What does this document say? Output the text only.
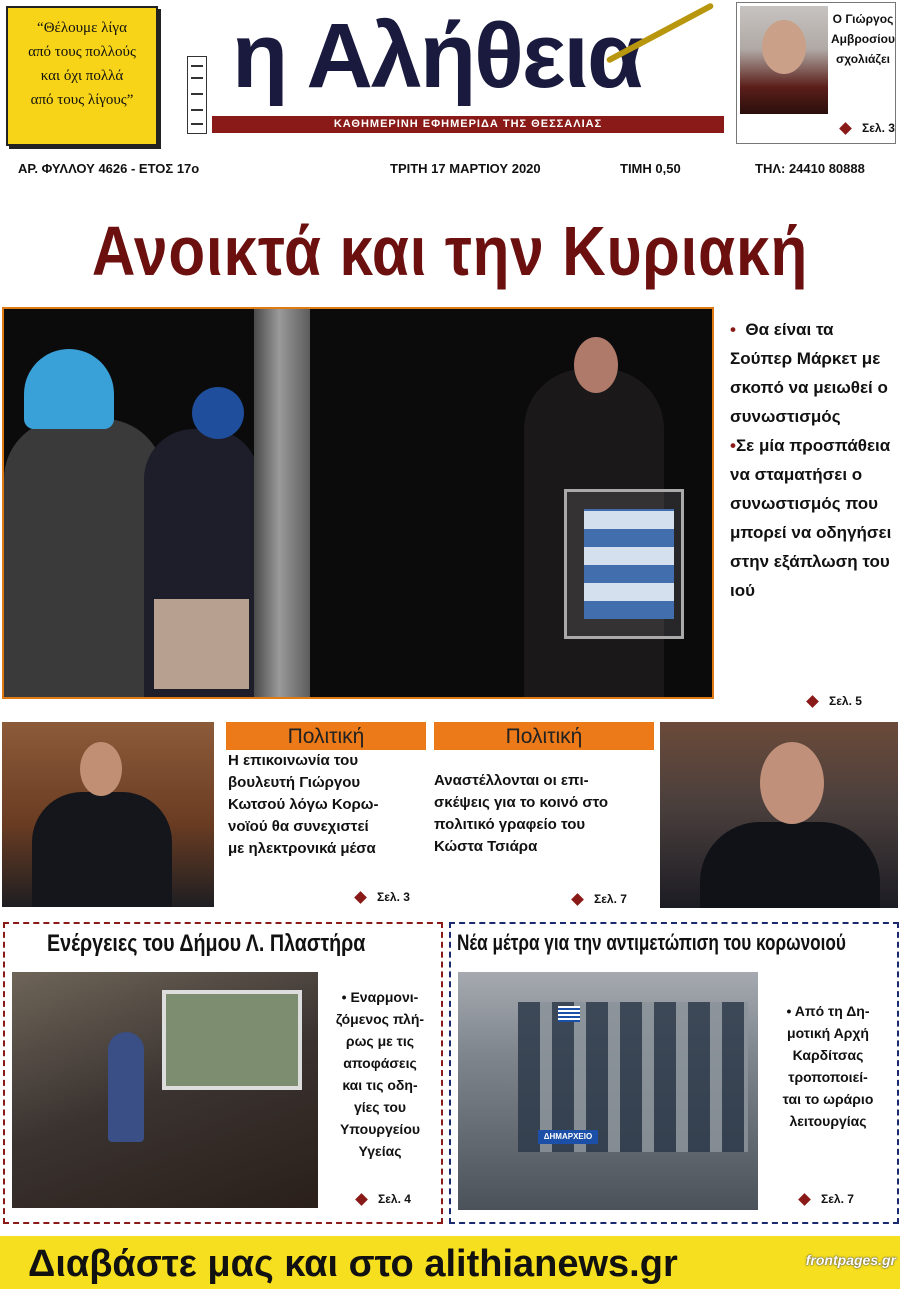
“Θέλουμε λίγα
από τους πολλούς
και όχι πολλά
από τους λίγους” η Αλήθεια
ΚΑΘΗΜΕΡΙΝΗ ΕΦΗΜΕΡΙΔΑ ΤΗΣ ΘΕΣΣΑΛΙΑΣ
Ο Γιώργος
Αμβροσίου
σχολιάζει
Σελ. 3
ΑΡ. ΦΥΛΛΟΥ 4626 - ΕΤΟΣ 17ο	ΤΡΙΤΗ 17 ΜΑΡΤΙΟΥ 2020	ΤΙΜΗ 0,50	ΤΗΛ: 24410 80888
Ανοικτά και την Κυριακή

• Θα είναι τα Σούπερ Μάρκετ με σκοπό να μειωθεί ο συνωστισμός

•Σε μία προσπάθεια να σταματήσει ο συνωστισμός που μπορεί να οδηγήσει στην εξάπλωση του ιού

Σελ. 5
Πολιτική
Η επικοινωνία του
βουλευτή Γιώργου
Κωτσού λόγω Κορω-
νοϊού θα συνεχιστεί
με ηλεκτρονικά μέσα
Σελ. 3
Πολιτική
Αναστέλλονται οι επι-
σκέψεις για το κοινό στο
πολιτικό γραφείο του
Κώστα Τσιάρα
Σελ. 7
Ενέργειες του Δήμου Λ. Πλαστήρα
• Εναρμονι-
ζόμενος πλή-
ρως με τις
αποφάσεις
και τις οδη-
γίες του
Υπουργείου
Υγείας
Σελ. 4
Νέα μέτρα για την αντιμετώπιση του κορωνοιού
ΔΗΜΑΡΧΕΙΟ
• Από τη Δη-
μοτική Αρχή
Καρδίτσας
τροποποιεί-
ται το ωράριο
λειτουργίας
Σελ. 7
Διαβάστε μας και στο alithianews.gr	frontpages.gr
